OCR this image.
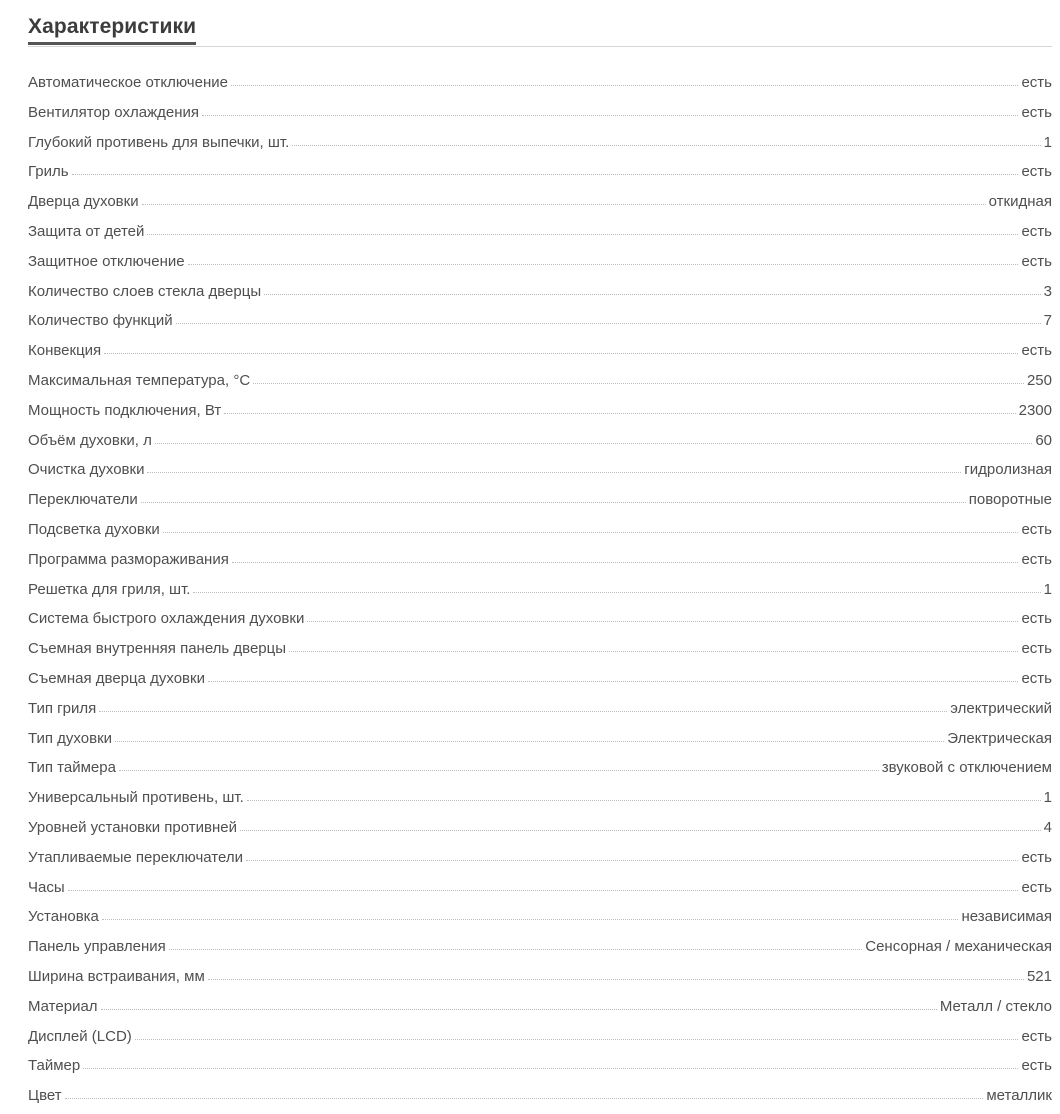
Характеристики
Автоматическое отключение	есть
Вентилятор охлаждения	есть
Глубокий противень для выпечки, шт.	1
Гриль	есть
Дверца духовки	откидная
Защита от детей	есть
Защитное отключение	есть
Количество слоев стекла дверцы	3
Количество функций	7
Конвекция	есть
Максимальная температура, °С	250
Мощность подключения, Вт	2300
Объём духовки, л	60
Очистка духовки	гидролизная
Переключатели	поворотные
Подсветка духовки	есть
Программа размораживания	есть
Решетка для гриля, шт.	1
Система быстрого охлаждения духовки	есть
Съемная внутренняя панель дверцы	есть
Съемная дверца духовки	есть
Тип гриля	электрический
Тип духовки	Электрическая
Тип таймера	звуковой с отключением
Универсальный противень, шт.	1
Уровней установки противней	4
Утапливаемые переключатели	есть
Часы	есть
Установка	независимая
Панель управления	Сенсорная / механическая
Ширина встраивания, мм	521
Материал	Металл / стекло
Дисплей (LCD)	есть
Таймер	есть
Цвет	металлик
